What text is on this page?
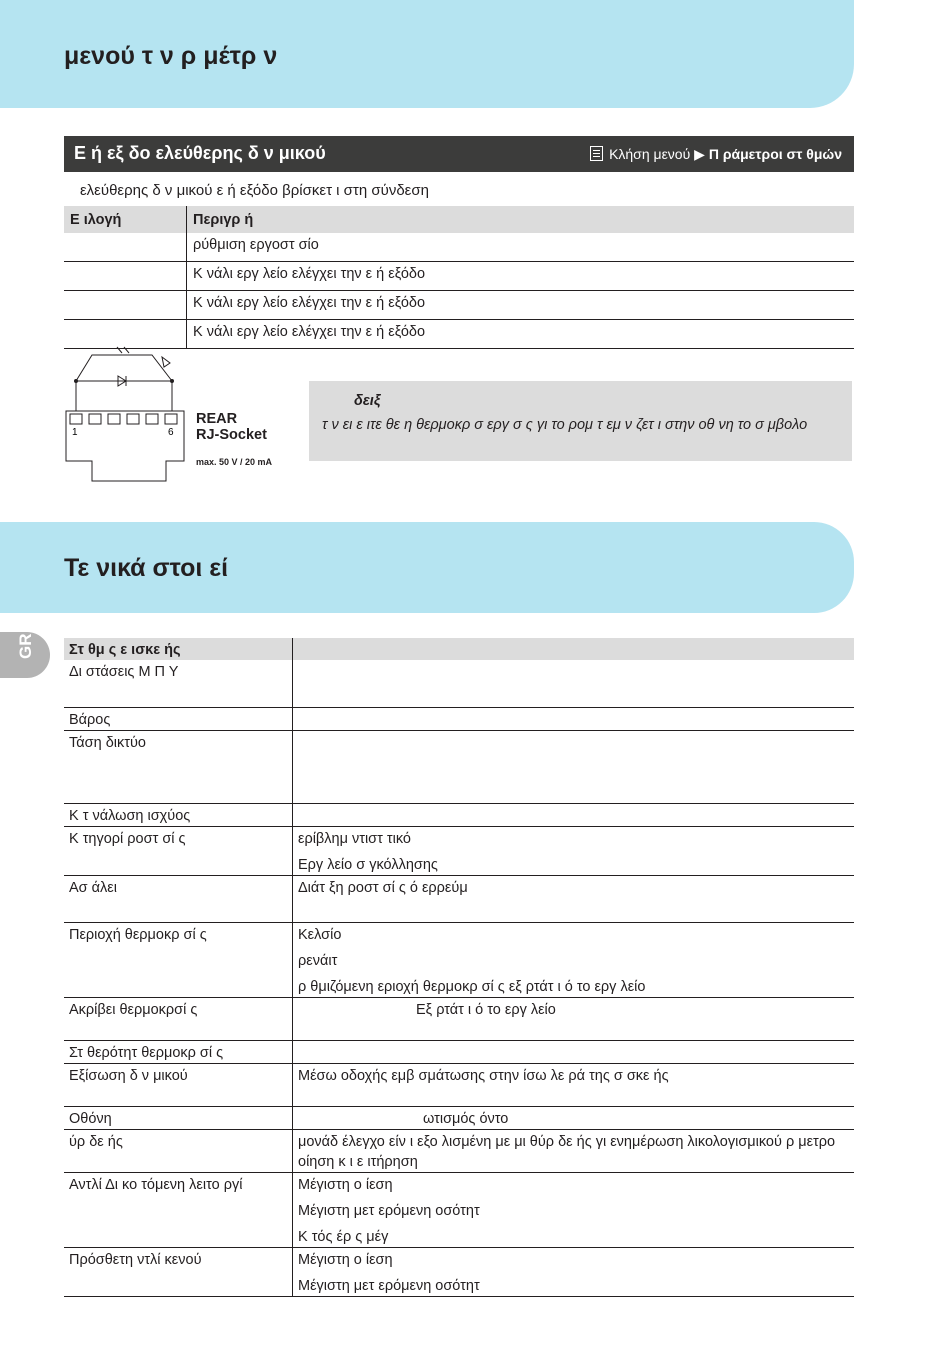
μενού τ ν ρ μέτρ ν
Ε ή εξ δο ελεύθερης δ ν μικού	Κλήση μενού ▶ Π ράμετροι στ θμών
ελεύθερης δ ν μικού ε ή εξόδο βρίσκετ ι στη σύνδεση
Ε ιλογή	Περιγρ ή
	ρύθμιση εργοστ σίο
	Κ νάλι εργ λείο ελέγχει την ε ή εξόδο
	Κ νάλι εργ λείο ελέγχει την ε ή εξόδο
	Κ νάλι εργ λείο ελέγχει την ε ή εξόδο
1	6
REAR
RJ-Socket
max. 50 V / 20 mA
δειξ
τ ν ει ε ιτε θε η θερμοκρ σ εργ σ ς γι το ρομ τ εμ ν ζετ ι στην οθ νη το σ μβολο
Τε νικά στοι εί
GR Στ θμ ς ε ισκε ής	
Δι στάσεις Μ Π Υ	

Βάρος	

Τάση δικτύο	

Κ τ νάλωση ισχύος	

Κ τηγορί ροστ σί ς	ερίβλημ ντιστ τικό
Εργ λείο σ γκόλλησης

Ασ άλει	Διάτ ξη ροστ σί ς ό ερρεύμ

Περιοχή θερμοκρ σί ς	Κελσίο
ρενάιτ
ρ θμιζόμενη εριοχή θερμοκρ σί ς εξ ρτάτ ι ό το εργ λείο

Ακρίβει θερμοκρσί ς	Εξ ρτάτ ι ό το εργ λείο

Στ θερότητ θερμοκρ σί ς	

Εξίσωση δ ν μικού	Μέσω οδοχής εμβ σμάτωσης στην ίσω λε ρά της σ σκε ής

Οθόνη	ωτισμός όντο

ύρ δε ής	μονάδ έλεγχο είν ι εξο λισμένη με μι θύρ δε ής γι ενημέρωση λικολογισμικού ρ μετρο οίηση κ ι ε ιτήρηση

Αντλί Δι κο τόμενη λειτο ργί	Μέγιστη ο ίεση
Μέγιστη μετ ερόμενη οσότητ
Κ τός έρ ς μέγ

Πρόσθετη ντλί κενού	Μέγιστη ο ίεση
Μέγιστη μετ ερόμενη οσότητ
